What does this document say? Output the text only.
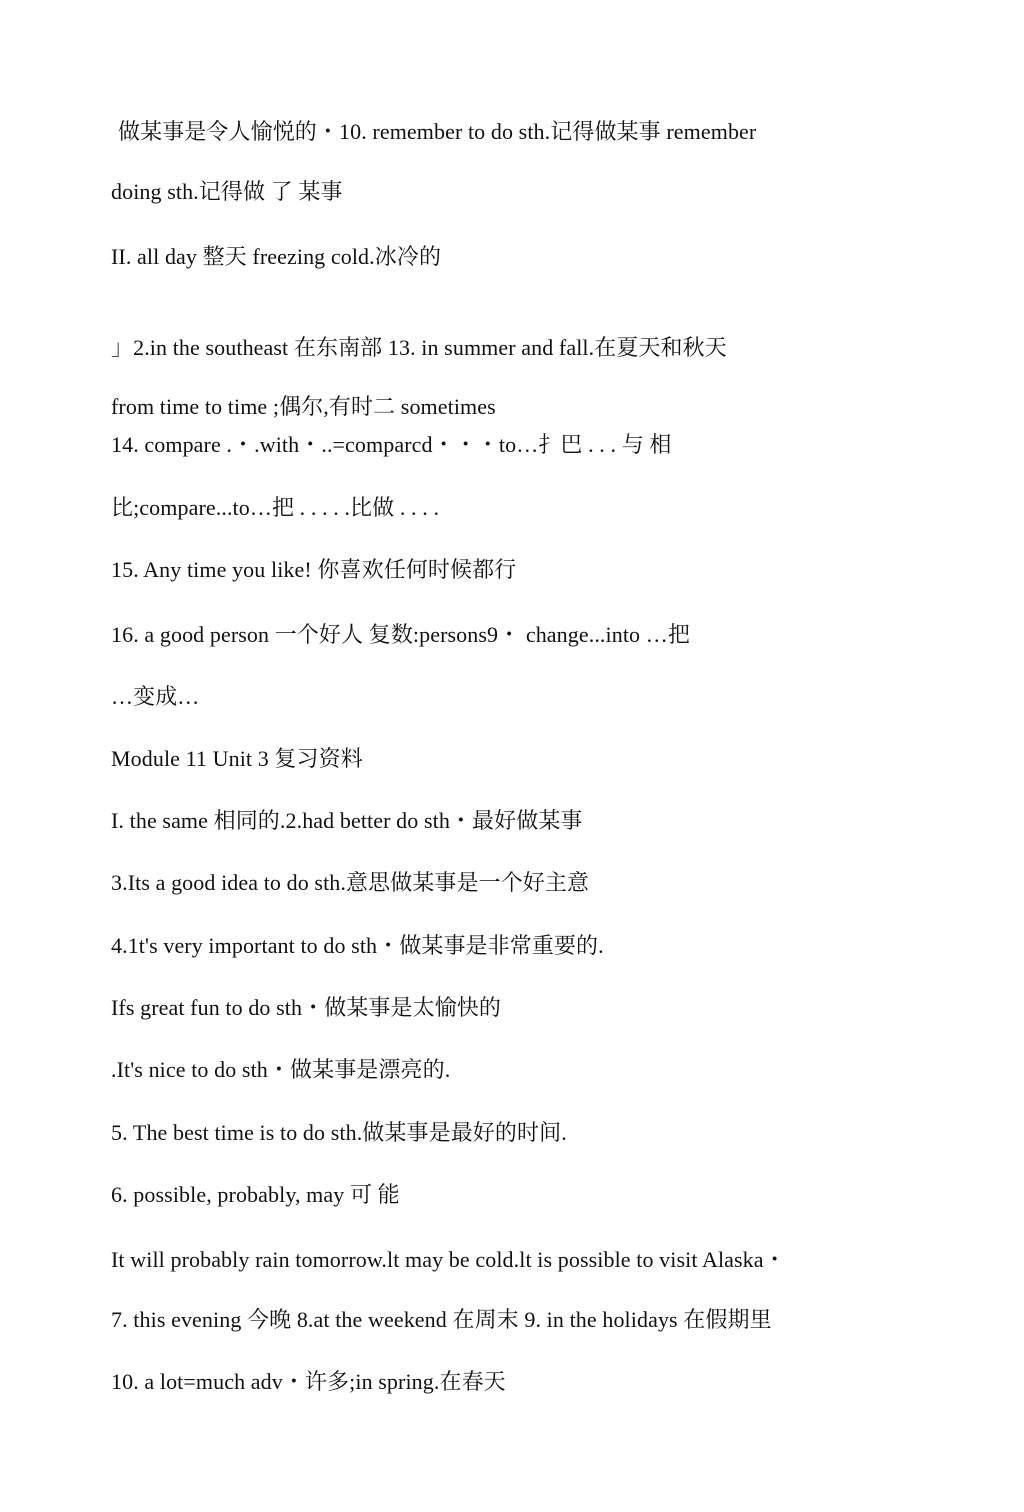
做某事是令人愉悦的・10. remember to do sth.记得做某事 remember
doing sth.记得做 了 某事
II. all day 整天 freezing cold.冰冷的
」2.in the southeast 在东南部 13. in summer and fall.在夏天和秋天
from time to time ;偶尔,有时二 sometimes
14. compare .・.with・..=comparcd・・・to…扌巴 . . . 与 相
比;compare...to…把 . . . . .比做 . . . .
15. Any time you like! 你喜欢任何时候都行
16. a good person 一个好人 复数:persons9・ change...into …把
…变成…
Module 11 Unit 3 复习资料
I. the same 相同的.2.had better do sth・最好做某事
3.Its a good idea to do sth.意思做某事是一个好主意
4.1t's very important to do sth・做某事是非常重要的.
Ifs great fun to do sth・做某事是太愉快的
.It's nice to do sth・做某事是漂亮的.
5. The best time is to do sth.做某事是最好的时间.
6. possible, probably, may 可 能
It will probably rain tomorrow.lt may be cold.lt is possible to visit Alaska・
7. this evening 今晚 8.at the weekend 在周末 9. in the holidays 在假期里
10. a lot=much adv・许多;in spring.在春天
